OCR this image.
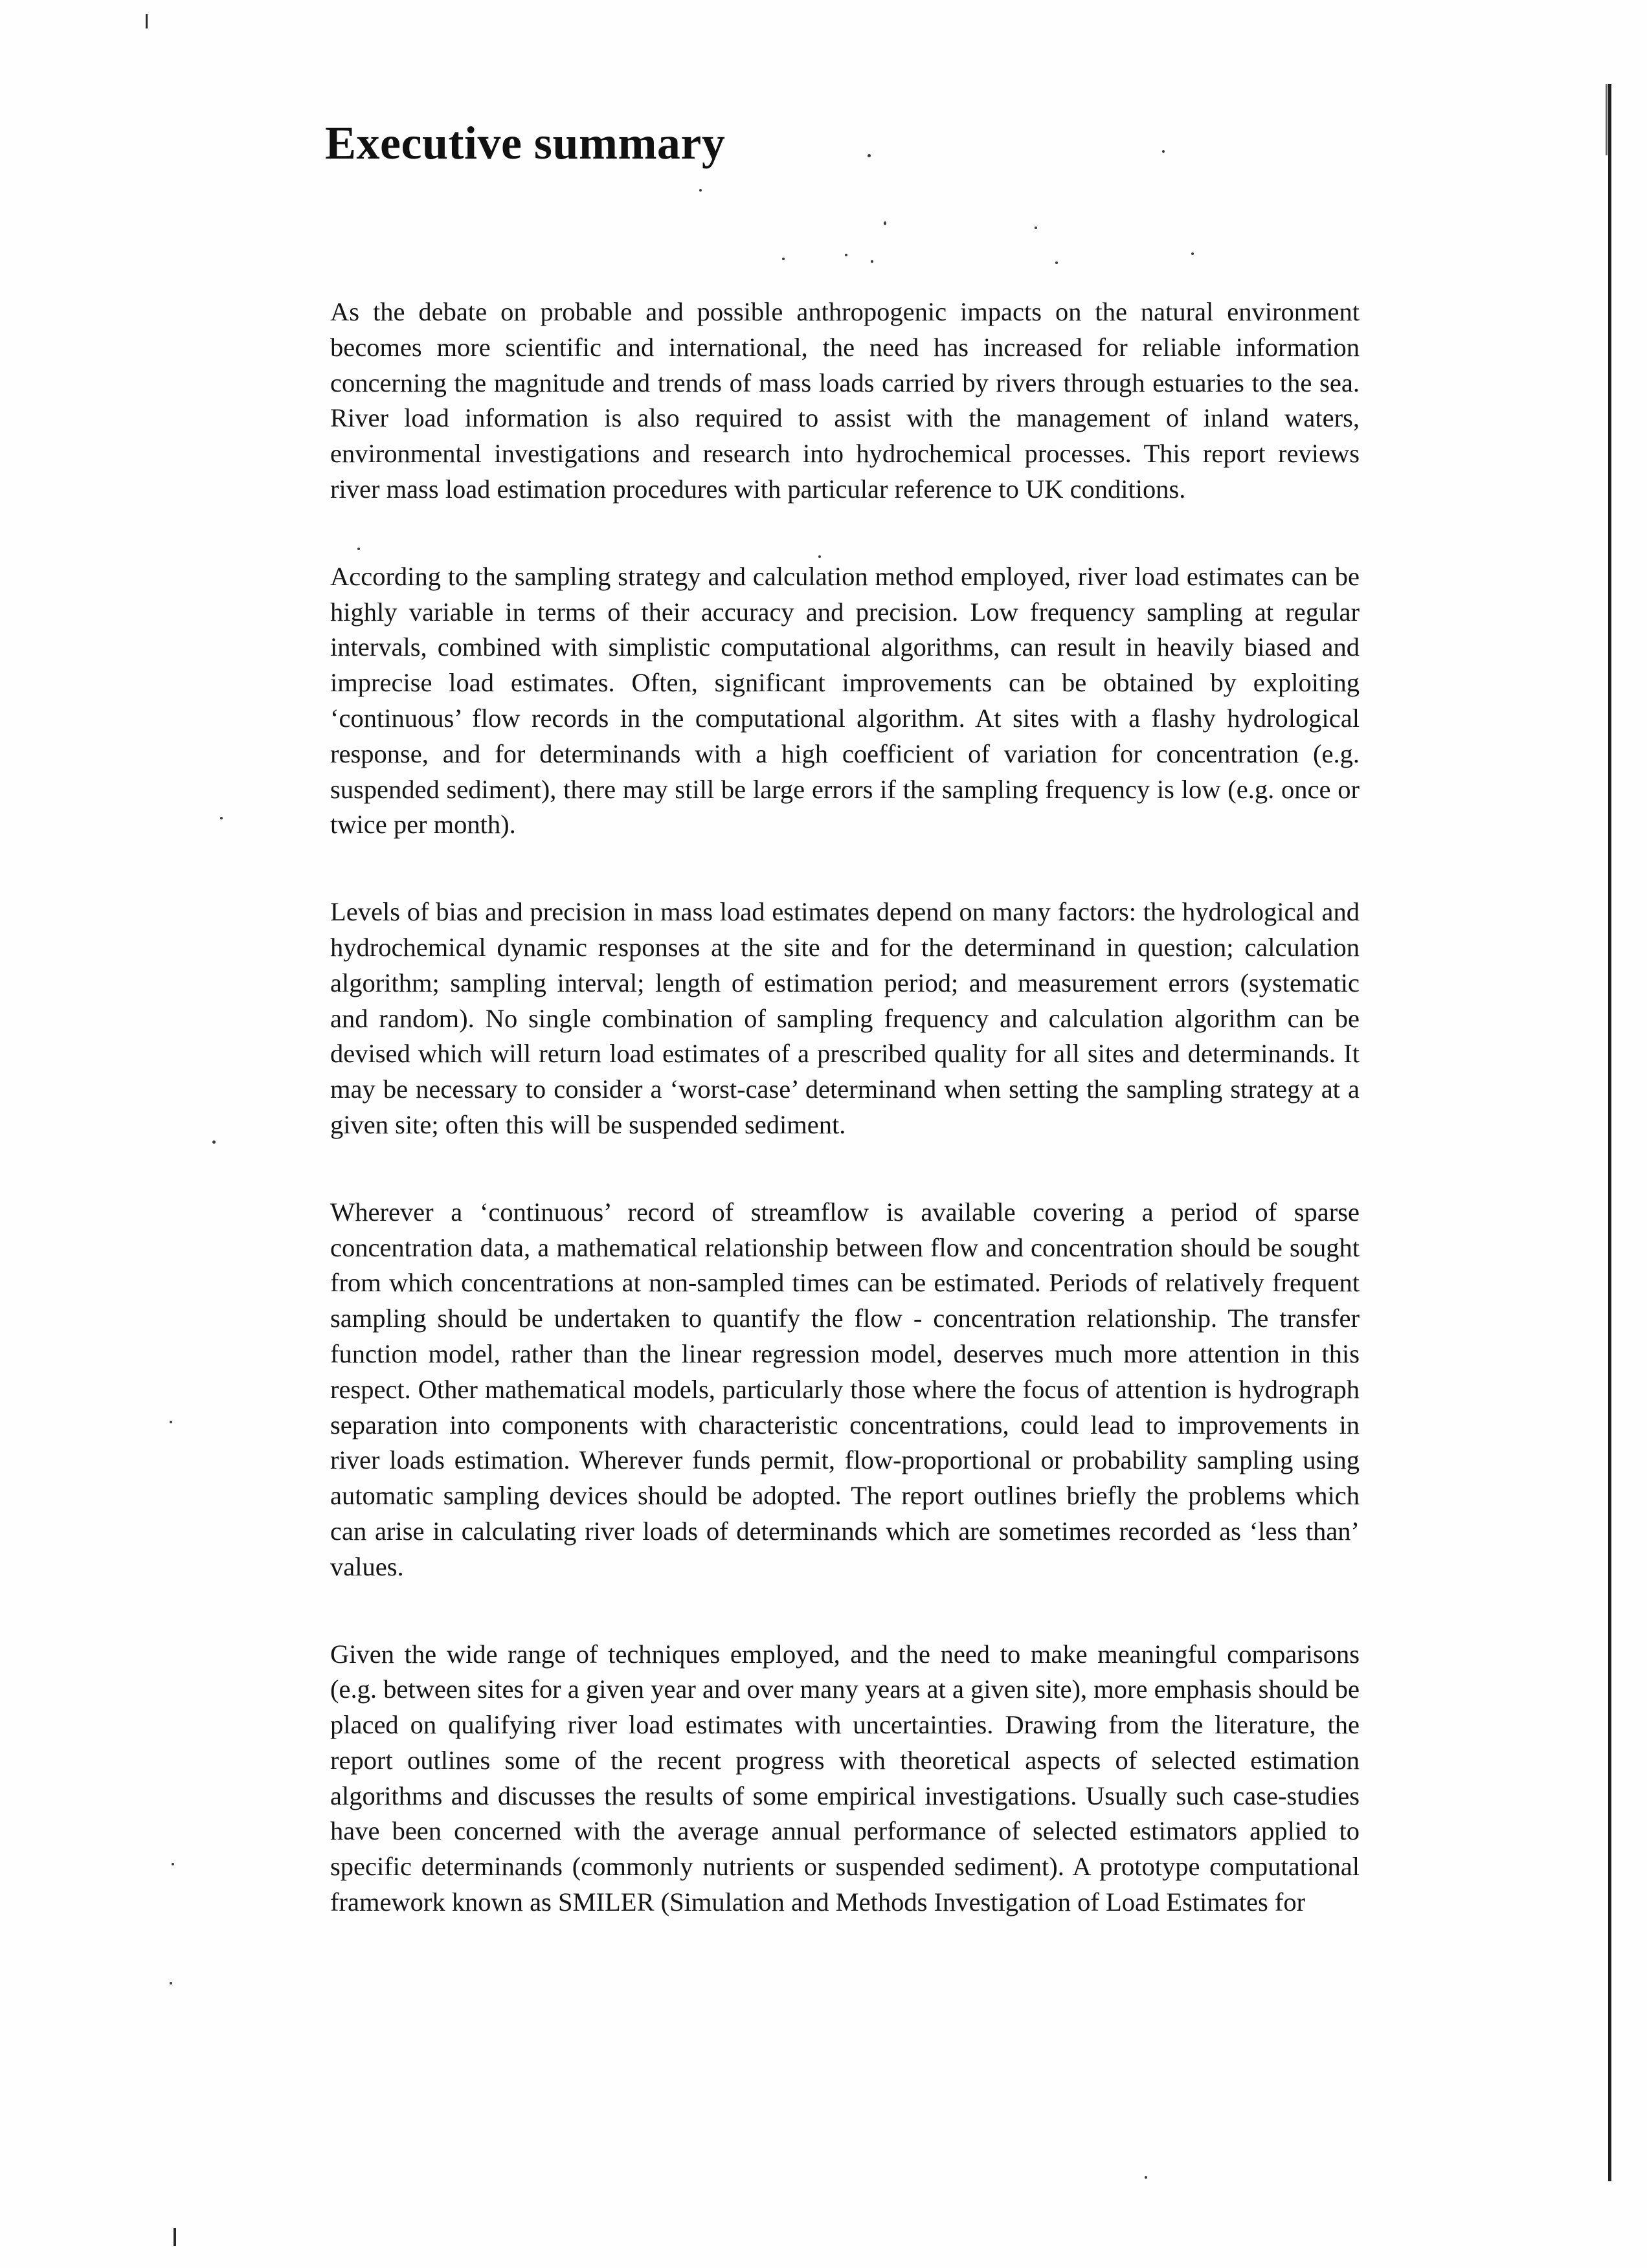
Executive summary

As the debate on probable and possible anthropogenic impacts on the natural environment becomes more scientific and international, the need has increased for reliable information concerning the magnitude and trends of mass loads carried by rivers through estuaries to the sea. River load information is also required to assist with the management of inland waters, environmental investigations and research into hydrochemical processes. This report reviews river mass load estimation procedures with particular reference to UK conditions.

According to the sampling strategy and calculation method employed, river load estimates can be highly variable in terms of their accuracy and precision. Low frequency sampling at regular intervals, combined with simplistic computational algorithms, can result in heavily biased and imprecise load estimates. Often, significant improvements can be obtained by exploiting ‘continuous’ flow records in the computational algorithm. At sites with a flashy hydrological response, and for determinands with a high coefficient of variation for concentration (e.g. suspended sediment), there may still be large errors if the sampling frequency is low (e.g. once or twice per month).

Levels of bias and precision in mass load estimates depend on many factors: the hydrological and hydrochemical dynamic responses at the site and for the determinand in question; calculation algorithm; sampling interval; length of estimation period; and measurement errors (systematic and random). No single combination of sampling frequency and calculation algorithm can be devised which will return load estimates of a prescribed quality for all sites and determinands. It may be necessary to consider a ‘worst-case’ determinand when setting the sampling strategy at a given site; often this will be suspended sediment.

Wherever a ‘continuous’ record of streamflow is available covering a period of sparse concentration data, a mathematical relationship between flow and concentration should be sought from which concentrations at non-sampled times can be estimated. Periods of relatively frequent sampling should be undertaken to quantify the flow - concentration relationship. The transfer function model, rather than the linear regression model, deserves much more attention in this respect. Other mathematical models, particularly those where the focus of attention is hydrograph separation into components with characteristic concentrations, could lead to improvements in river loads estimation. Wherever funds permit, flow-proportional or probability sampling using automatic sampling devices should be adopted. The report outlines briefly the problems which can arise in calculating river loads of determinands which are sometimes recorded as ‘less than’ values.

Given the wide range of techniques employed, and the need to make meaningful comparisons (e.g. between sites for a given year and over many years at a given site), more emphasis should be placed on qualifying river load estimates with uncertainties. Drawing from the literature, the report outlines some of the recent progress with theoretical aspects of selected estimation algorithms and discusses the results of some empirical investigations. Usually such case-studies have been concerned with the average annual performance of selected estimators applied to specific determinands (commonly nutrients or suspended sediment). A prototype computational framework known as SMILER (Simulation and Methods Investigation of Load Estimates for
